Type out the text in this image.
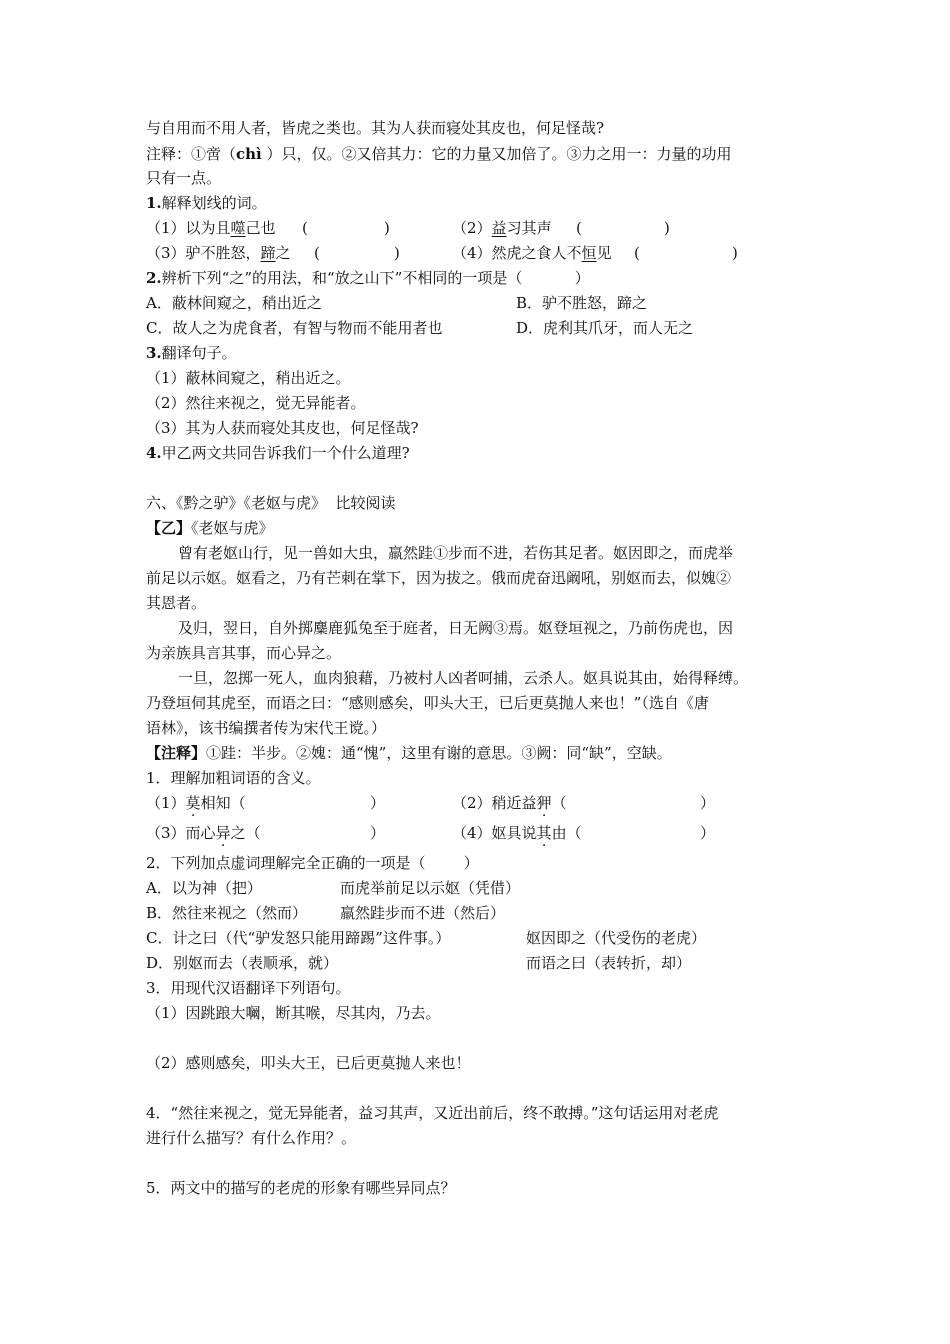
与自用而不用人者，皆虎之类也。其为人获而寝处其皮也，何足怪哉?
注释：①啻（chì ）只，仅。②又倍其力：它的力量又加倍了。③力之用一：力量的功用
只有一点。
1.解释划线的词。
（1）以为且噬己也 (	)	（2）益习其声 (	)
（3）驴不胜怒，蹄之 (	)	（4）然虎之食人不恒见 (	)
2.辨析下列“之”的用法，和“放之山下”不相同的一项是（           ）
A．蔽林间窥之，稍出近之	B．驴不胜怒，蹄之
C．故人之为虎食者，有智与物而不能用者也	D．虎利其爪牙，而人无之
3.翻译句子。
（1）蔽林间窥之，稍出近之。
（2）然往来视之，觉无异能者。
（3）其为人获而寝处其皮也，何足怪哉?
4.甲乙两文共同告诉我们一个什么道理?
六、《黔之驴》《老妪与虎》  比较阅读
【乙】《老妪与虎》
曾有老妪山行，见一兽如大虫，羸然跬①步而不进，若伤其足者。妪因即之，而虎举
前足以示妪。妪看之，乃有芒刺在掌下，因为拔之。俄而虎奋迅阚吼，别妪而去，似媿②
其恩者。
及归，翌日，自外掷麋鹿狐兔至于庭者，日无阙③焉。妪登垣视之，乃前伤虎也，因
为亲族具言其事，而心异之。
一旦，忽掷一死人，血肉狼藉，乃被村人凶者呵捕，云杀人。妪具说其由，始得释缚。
乃登垣伺其虎至，而语之曰：“感则感矣，叩头大王，已后更莫抛人来也！”（选自《唐
语林》，该书编撰者传为宋代王谠。）
【注释】①跬：半步。②媿：通“愧”，这里有谢的意思。③阙：同“缺”，空缺。
1．理解加粗词语的含义。
（1）莫相知（	）	（2）稍近益狎（	）
（3）而心异之（	）	（4）妪具说其由（	）
2．下列加点虚词理解完全正确的一项是（        ）
A．以为神（把）	而虎举前足以示妪（凭借）
B．然往来视之（然而） 羸然跬步而不进（然后）
C．计之曰（代“驴发怒只能用蹄踢”这件事。）	妪因即之（代受伤的老虎）
D．别妪而去（表顺承，就）	而语之曰（表转折，却）
3．用现代汉语翻译下列语句。
（1）因跳踉大㘎，断其喉，尽其肉，乃去。
（2）感则感矣，叩头大王，已后更莫抛人来也！
4．“然往来视之，觉无异能者，益习其声，又近出前后，终不敢搏。”这句话运用对老虎
进行什么描写？有什么作用？。
5．两文中的描写的老虎的形象有哪些异同点？
